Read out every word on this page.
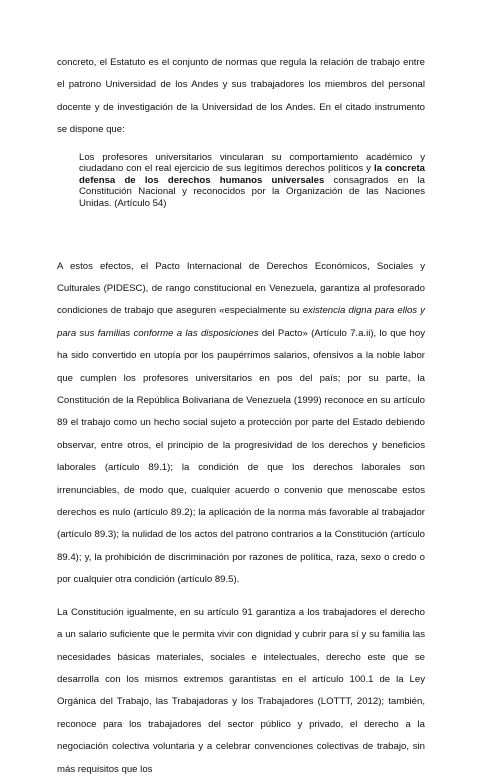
concreto, el Estatuto es el conjunto de normas que regula la relación de trabajo entre el patrono Universidad de los Andes y sus trabajadores los miembros del personal docente y de investigación de la Universidad de los Andes. En el citado instrumento se dispone que:

Los profesores universitarios vincularan su comportamiento académico y ciudadano con el real ejercicio de sus legítimos derechos políticos y la concreta defensa de los derechos humanos universales consagrados en la Constitución Nacional y reconocidos por la Organización de las Naciones Unidas. (Artículo 54)

A estos efectos, el Pacto Internacional de Derechos Económicos, Sociales y Culturales (PIDESC), de rango constitucional en Venezuela, garantiza al profesorado condiciones de trabajo que aseguren «especialmente su existencia digna para ellos y para sus familias conforme a las disposiciones del Pacto» (Artículo 7.a.ii), lo que hoy ha sido convertido en utopía por los paupérrimos salarios, ofensivos a la noble labor que cumplen los profesores universitarios en pos del país; por su parte, la Constitución de la República Bolivariana de Venezuela (1999) reconoce en su artículo 89 el trabajo como un hecho social sujeto a protección por parte del Estado debiendo observar, entre otros, el principio de la progresividad de los derechos y beneficios laborales (artículo 89.1); la condición de que los derechos laborales son irrenunciables, de modo que, cualquier acuerdo o convenio que menoscabe estos derechos es nulo (artículo 89.2); la aplicación de la norma más favorable al trabajador (artículo 89.3); la nulidad de los actos del patrono contrarios a la Constitución (artículo 89.4); y, la prohibición de discriminación por razones de política, raza, sexo o credo o por cualquier otra condición (artículo 89.5).

La Constitución igualmente, en su artículo 91 garantiza a los trabajadores el derecho a un salario suficiente que le permita vivir con dignidad y cubrir para sí y su familia las necesidades básicas materiales, sociales e intelectuales, derecho este que se desarrolla con los mismos extremos garantistas en el artículo 100.1 de la Ley Orgánica del Trabajo, las Trabajadoras y los Trabajadores (LOTTT, 2012); también, reconoce para los trabajadores del sector público y privado, el derecho a la negociación colectiva voluntaria y a celebrar convenciones colectivas de trabajo, sin más requisitos que los
